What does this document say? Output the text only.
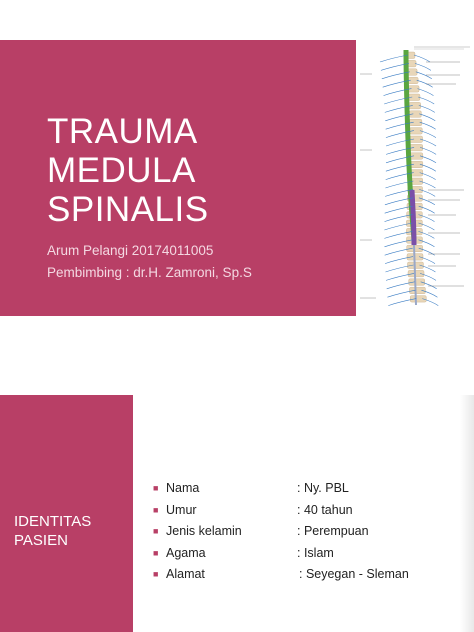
TRAUMA
MEDULA
SPINALIS
Arum Pelangi 20174011005
Pembimbing : dr.H. Zamroni, Sp.S
IDENTITAS
PASIEN
■ Nama	: Ny. PBL
■ Umur	: 40 tahun
■ Jenis kelamin	: Perempuan
■ Agama	: Islam
■ Alamat	: Seyegan - Sleman
